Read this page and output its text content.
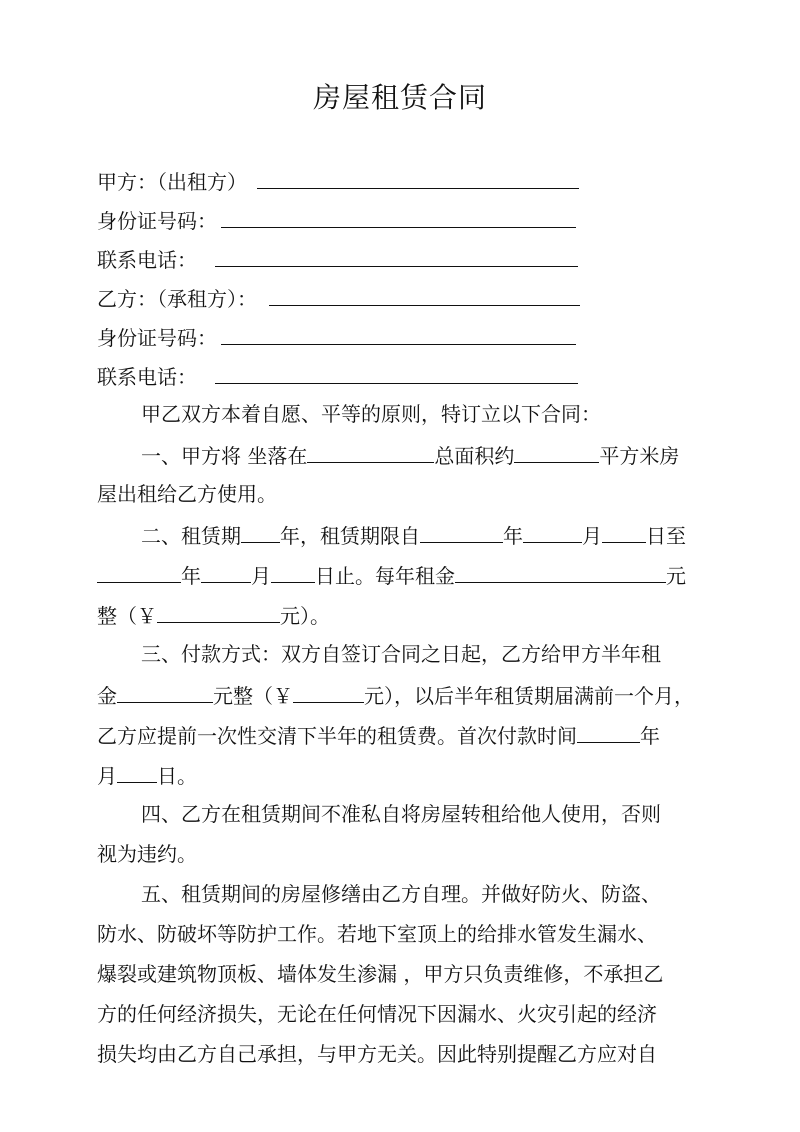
房屋租赁合同
甲方：（出租方）
身份证号码：
联系电话：
乙方：（承租方）：
身份证号码：
联系电话：
甲乙双方本着自愿、平等的原则，特订立以下合同：
一、甲方将 坐落在	总面积约	平方米房
屋出租给乙方使用。
二、租赁期 年，租赁期限自	年	月 日至
年	月 日止。每年租金	元
整（￥	元）。
三、付款方式：双方自签订合同之日起，乙方给甲方半年租
金	元整（￥	元），以后半年租赁期届满前一个月，
乙方应提前一次性交清下半年的租赁费。首次付款时间	年
月 日。
四、乙方在租赁期间不准私自将房屋转租给他人使用，否则
视为违约。
五、租赁期间的房屋修缮由乙方自理。并做好防火、防盗、
防水、防破坏等防护工作。若地下室顶上的给排水管发生漏水、
爆裂或建筑物顶板、墙体发生渗漏 ，甲方只负责维修，不承担乙
方的任何经济损失，无论在任何情况下因漏水、火灾引起的经济
损失均由乙方自己承担，与甲方无关。因此特别提醒乙方应对自
